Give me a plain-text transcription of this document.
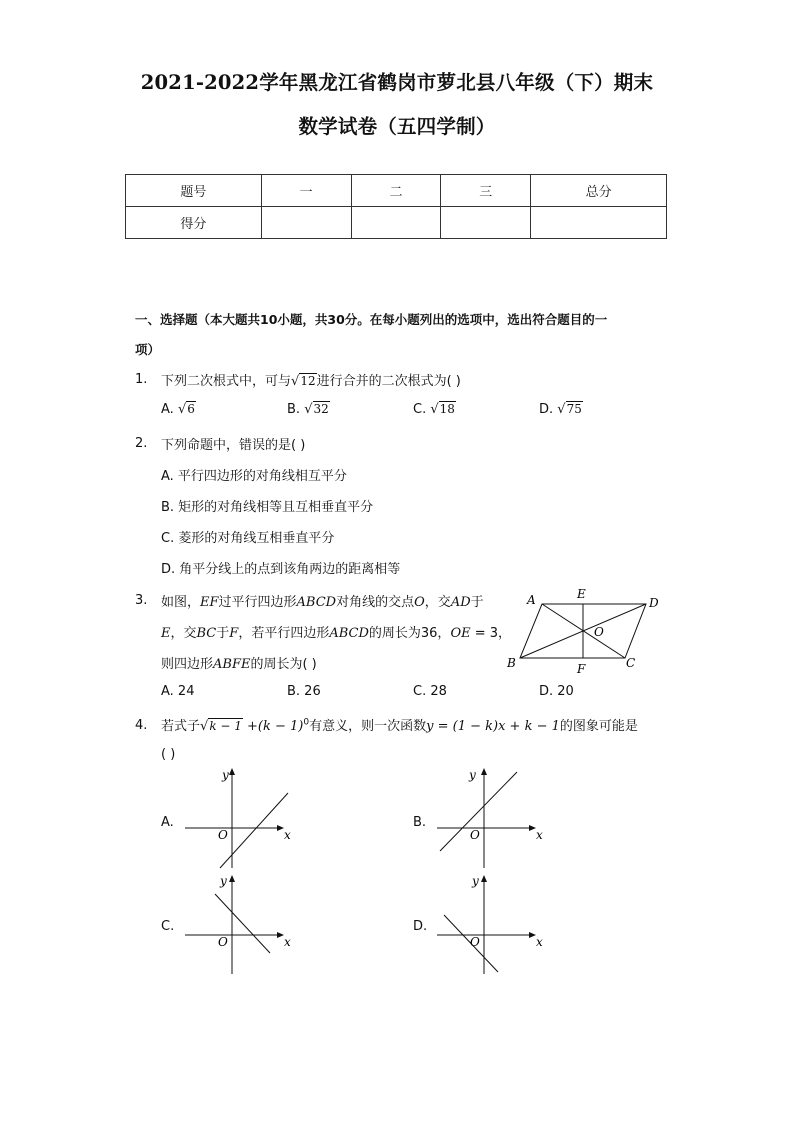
2021-2022学年黑龙江省鹤岗市萝北县八年级（下）期末
数学试卷（五四学制）
题号	一	二	三	总分
得分				
一、选择题（本大题共10小题，共30分。在每小题列出的选项中，选出符合题目的一
项）
1. 下列二次根式中，可与√12进行合并的二次根式为( )
A. √6	B. √32	C. √18	D. √75
2. 下列命题中，错误的是( )
A. 平行四边形的对角线相互平分
B. 矩形的对角线相等且互相垂直平分
C. 菱形的对角线互相垂直平分
D. 角平分线上的点到该角两边的距离相等
3. 如图，EF过平行四边形ABCD对角线的交点O，交AD于
E，交BC于F，若平行四边形ABCD的周长为36，OE = 3，
则四边形ABFE的周长为( )
A. 24	B. 26	C. 28	D. 20
A	E
D
O
B	F	C
4. 若式子$√k - 1 +(k - 1)^0$有意义，则一次函数y = (1 − k)x + k − 1的图象可能是
( )
A.	B.
C.	D.
y
x
O
y
x
O
y
x
O
y
x
O
